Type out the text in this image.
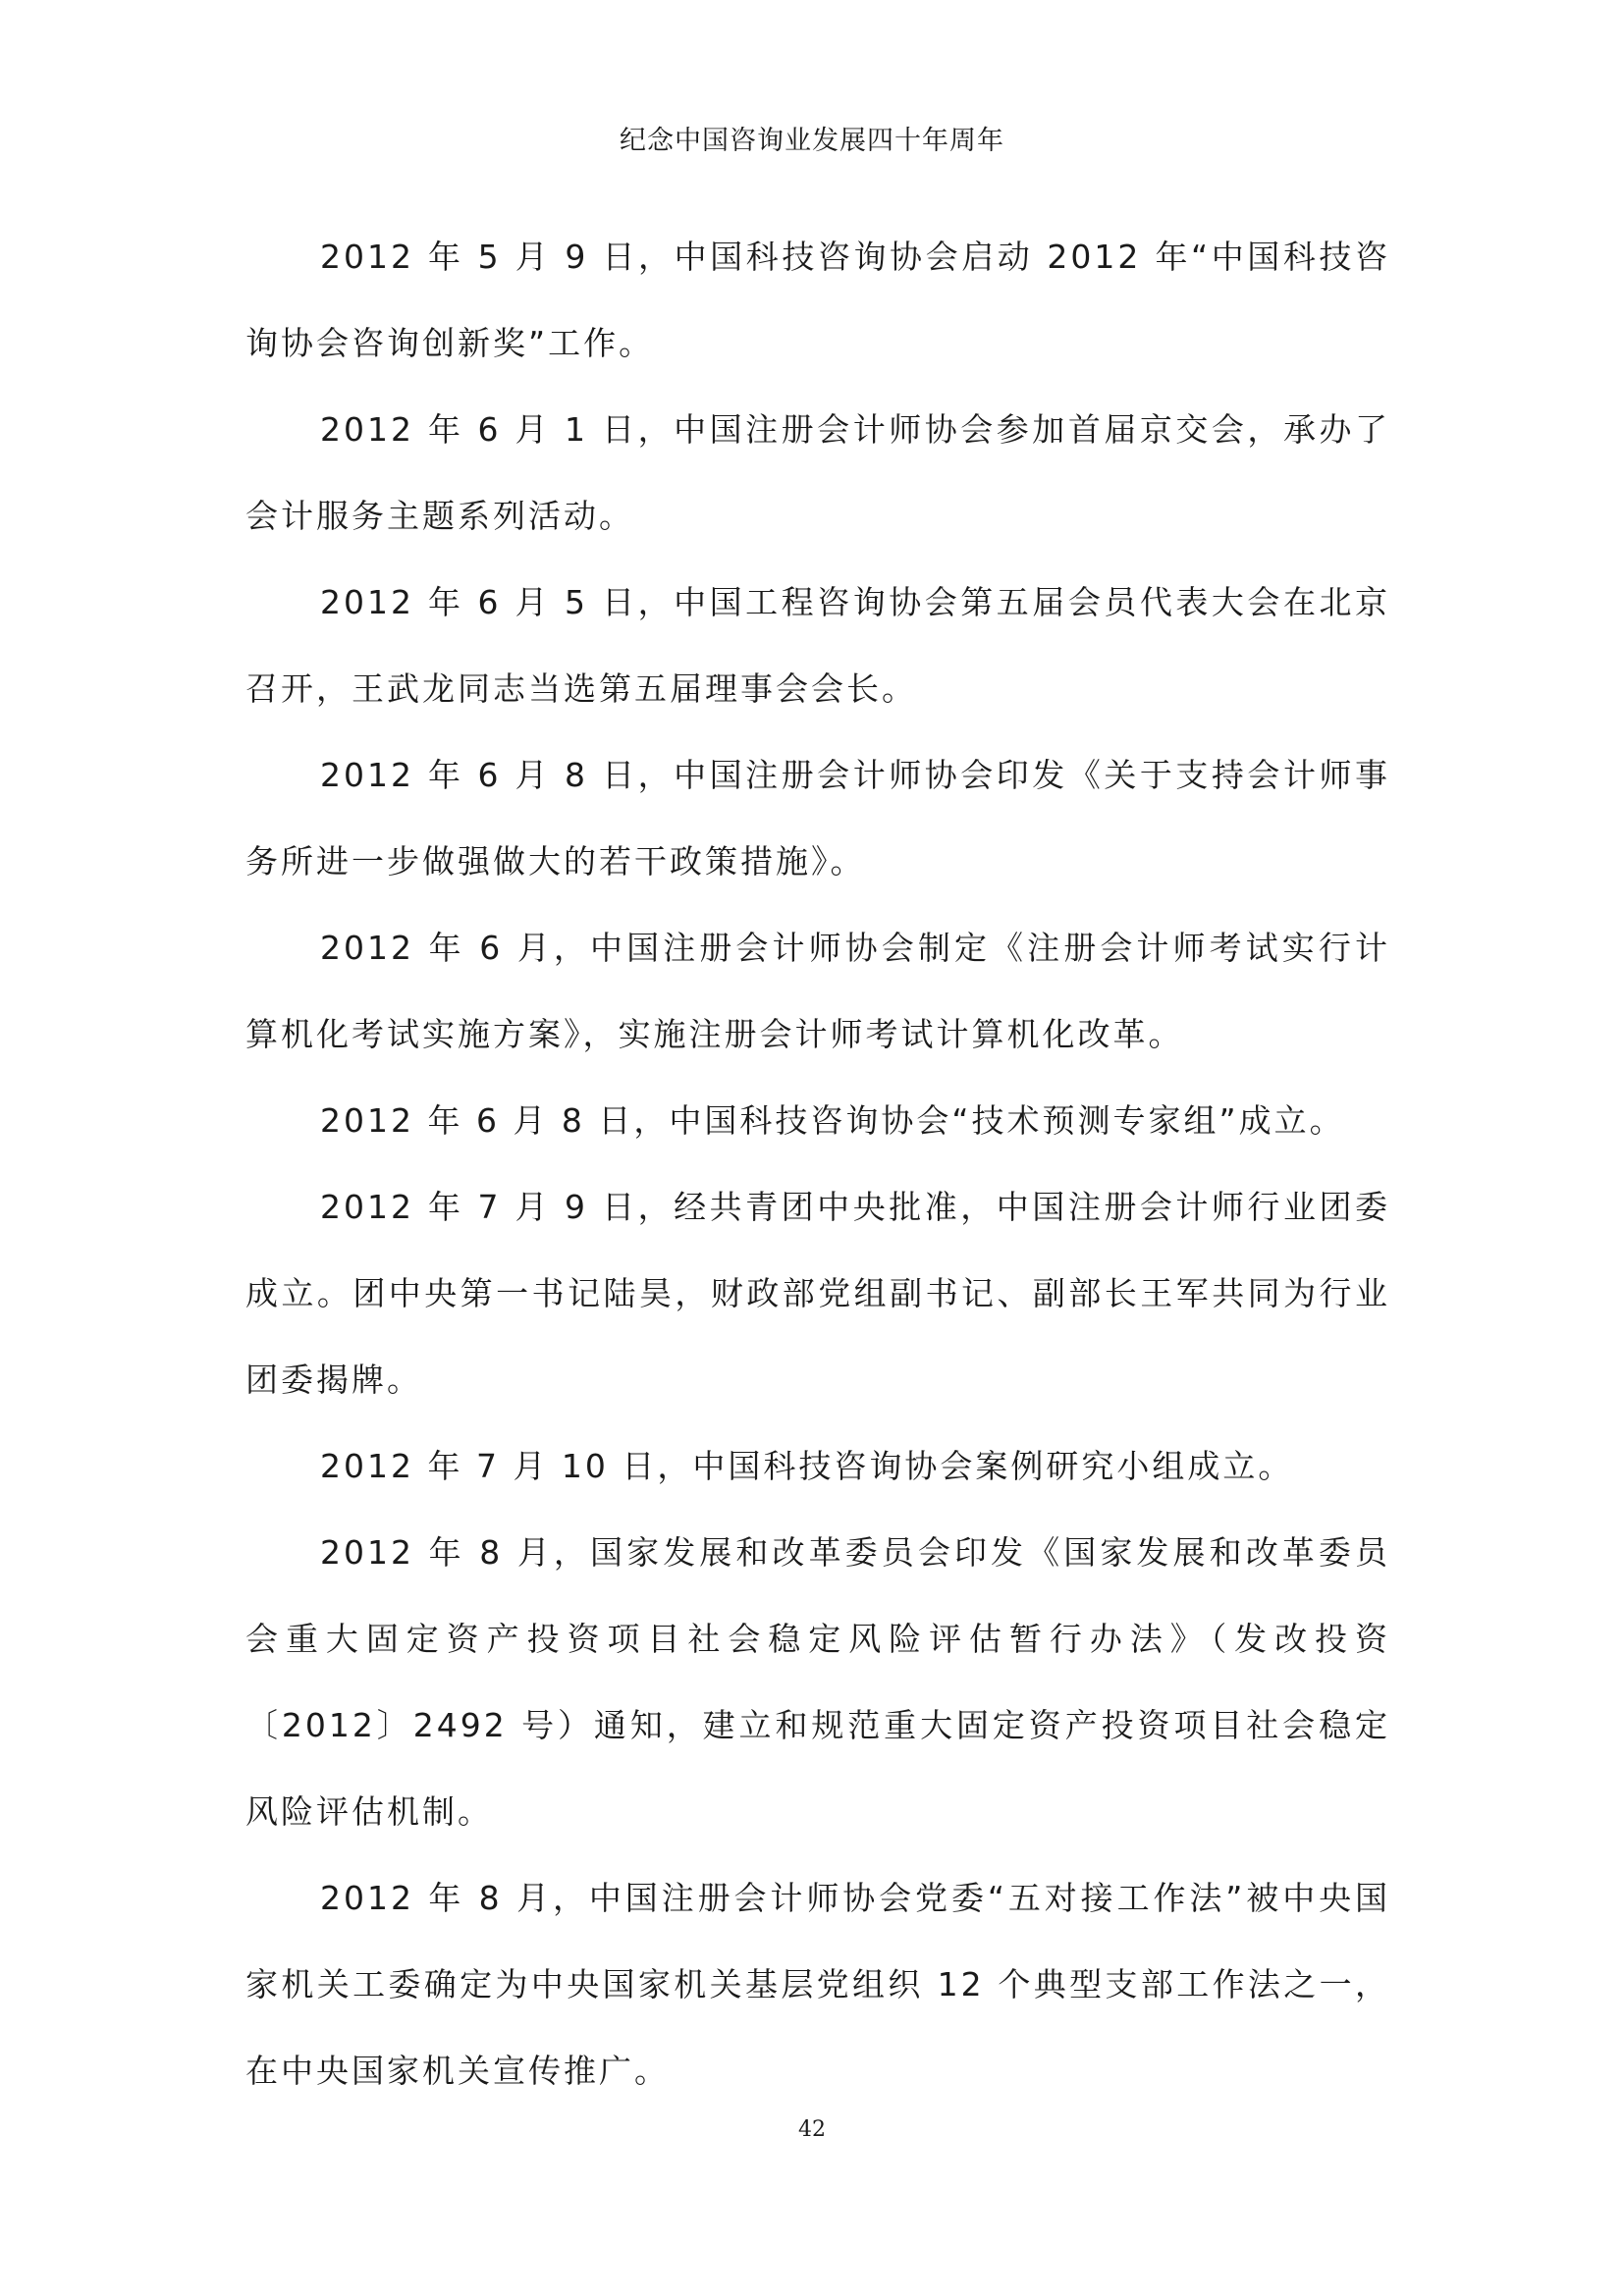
纪念中国咨询业发展四十年周年

2012 年 5 月 9 日，中国科技咨询协会启动 2012 年“中国科技咨询协会咨询创新奖”工作。

2012 年 6 月 1 日，中国注册会计师协会参加首届京交会，承办了会计服务主题系列活动。

2012 年 6 月 5 日，中国工程咨询协会第五届会员代表大会在北京召开，王武龙同志当选第五届理事会会长。

2012 年 6 月 8 日，中国注册会计师协会印发《关于支持会计师事务所进一步做强做大的若干政策措施》。

2012 年 6 月，中国注册会计师协会制定《注册会计师考试实行计算机化考试实施方案》，实施注册会计师考试计算机化改革。

2012 年 6 月 8 日，中国科技咨询协会“技术预测专家组”成立。

2012 年 7 月 9 日，经共青团中央批准，中国注册会计师行业团委成立。团中央第一书记陆昊，财政部党组副书记、副部长王军共同为行业团委揭牌。

2012 年 7 月 10 日，中国科技咨询协会案例研究小组成立。

2012 年 8 月，国家发展和改革委员会印发《国家发展和改革委员会重大固定资产投资项目社会稳定风险评估暂行办法》（发改投资〔2012〕2492 号）通知，建立和规范重大固定资产投资项目社会稳定风险评估机制。

2012 年 8 月，中国注册会计师协会党委“五对接工作法”被中央国家机关工委确定为中央国家机关基层党组织 12 个典型支部工作法之一，在中央国家机关宣传推广。

42
